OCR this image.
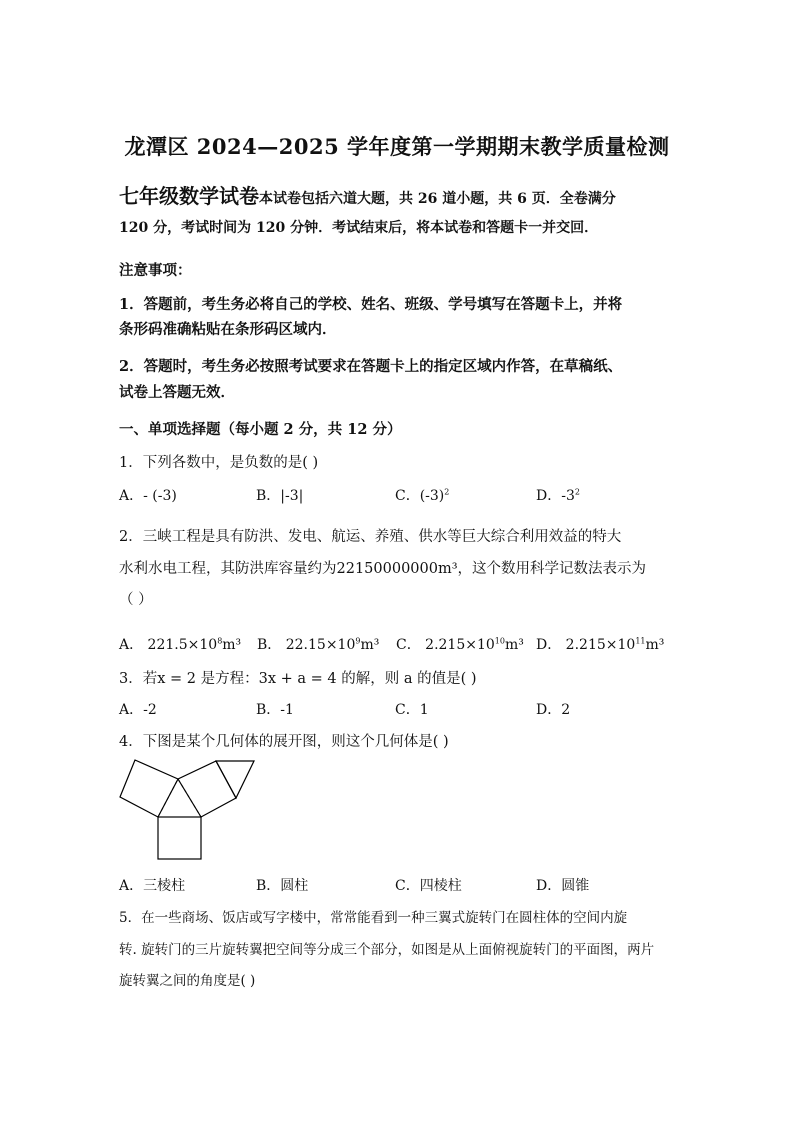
龙潭区 2024—2025 学年度第一学期期末教学质量检测
七年级数学试卷本试卷包括六道大题，共 26 道小题，共 6 页．全卷满分
120 分，考试时间为 120 分钟．考试结束后，将本试卷和答题卡一并交回．
注意事项：
1．答题前，考生务必将自己的学校、姓名、班级、学号填写在答题卡上，并将
条形码准确粘贴在条形码区域内．
2．答题时，考生务必按照考试要求在答题卡上的指定区域内作答，在草稿纸、
试卷上答题无效．
一、单项选择题（每小题 2 分，共 12 分）
1．下列各数中，是负数的是( )
A．- (-3)	B．|-3|	C．$(-3)^2$	D．$-3^2$
2．三峡工程是具有防洪、发电、航运、养殖、供水等巨大综合利用效益的特大
水利水电工程，其防洪库容量约为22150000000m³，这个数用科学记数法表示为
（ ）
A． $221.5\times 10^8m^3$ B． $22.15\times 10^9m^3$ C． $2.215\times 10^{10}m^3$ D． $2.215\times 10^{11}m^3$
3．若x = 2 是方程：3x + a = 4 的解，则 a 的值是( )
A．-2	B．-1	C．1	D．2
4．下图是某个几何体的展开图，则这个几何体是( )
A．三棱柱	B．圆柱	C．四棱柱	D．圆锥
5．在一些商场、饭店或写字楼中，常常能看到一种三翼式旋转门在圆柱体的空间内旋
转. 旋转门的三片旋转翼把空间等分成三个部分，如图是从上面俯视旋转门的平面图，两片
旋转翼之间的角度是( )
